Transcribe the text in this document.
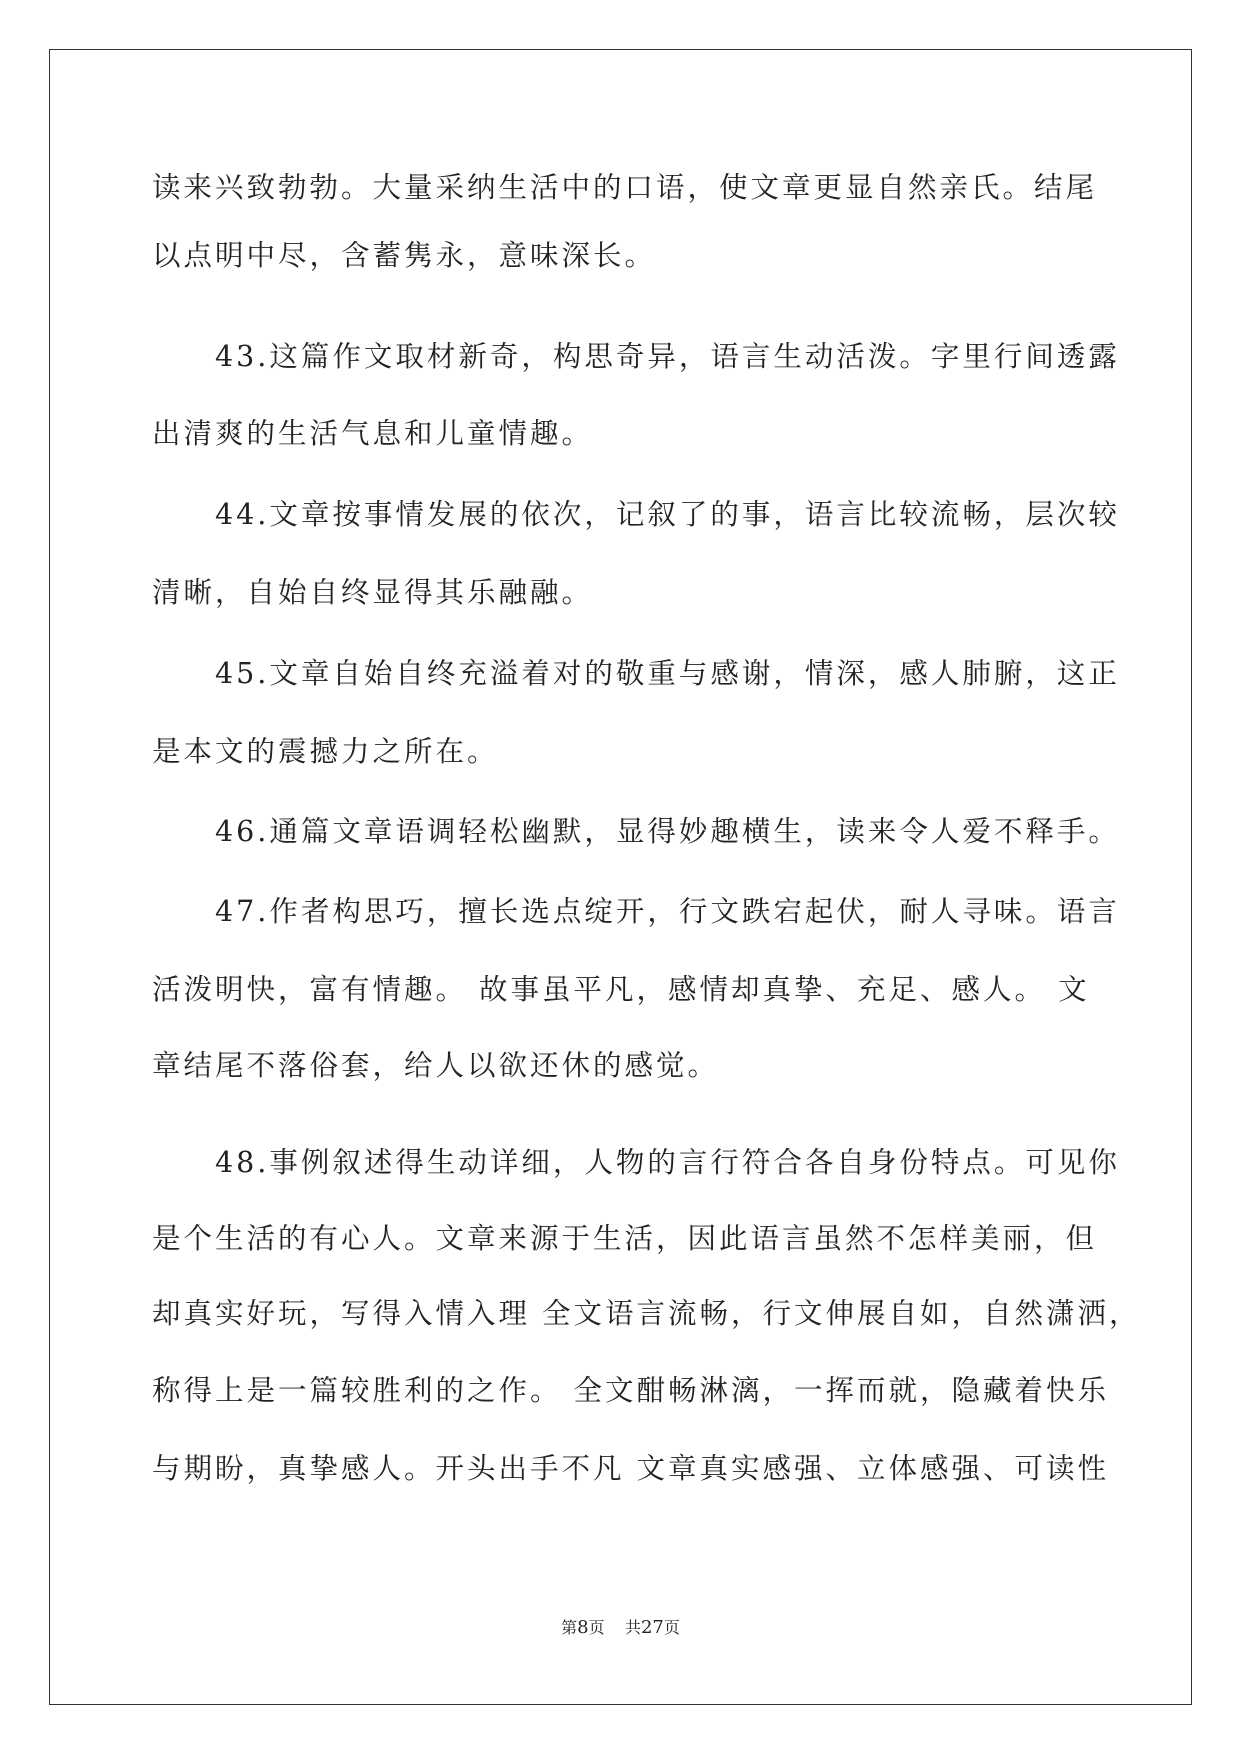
读来兴致勃勃。大量采纳生活中的口语，使文章更显自然亲氏。结尾
以点明中尽，含蓄隽永，意味深长。
　　43.这篇作文取材新奇，构思奇异，语言生动活泼。字里行间透露
出清爽的生活气息和儿童情趣。
　　44.文章按事情发展的依次，记叙了的事，语言比较流畅，层次较
清晰，自始自终显得其乐融融。
　　45.文章自始自终充溢着对的敬重与感谢，情深，感人肺腑，这正
是本文的震撼力之所在。
　　46.通篇文章语调轻松幽默，显得妙趣横生，读来令人爱不释手。
　　47.作者构思巧，擅长选点绽开，行文跌宕起伏，耐人寻味。语言
活泼明快，富有情趣。 故事虽平凡，感情却真挚、充足、感人。 文
章结尾不落俗套，给人以欲还休的感觉。
　　48.事例叙述得生动详细，人物的言行符合各自身份特点。可见你
是个生活的有心人。文章来源于生活，因此语言虽然不怎样美丽，但
却真实好玩，写得入情入理 全文语言流畅，行文伸展自如，自然潇洒，
称得上是一篇较胜利的之作。 全文酣畅淋漓，一挥而就，隐藏着快乐
与期盼，真挚感人。开头出手不凡 文章真实感强、立体感强、可读性
第8页 共27页
